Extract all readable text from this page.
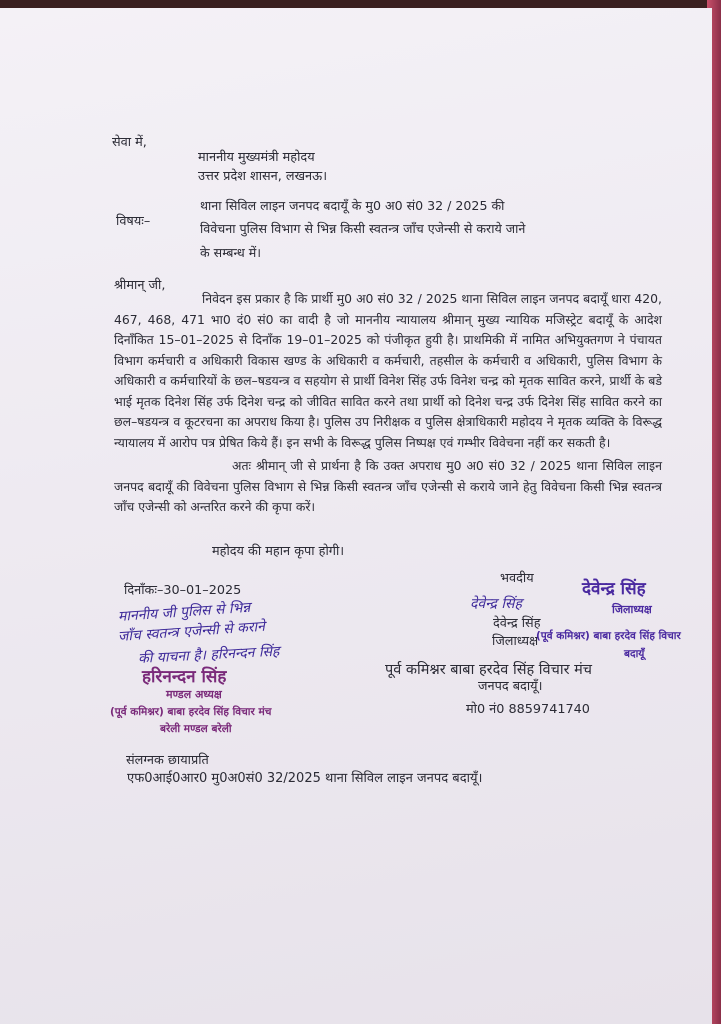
सेवा में,
माननीय मुख्यमंत्री महोदय
उत्तर प्रदेश शासन, लखनऊ।
विषयः–
थाना सिविल लाइन जनपद बदायूँ के मु0 अ0 सं0 32 / 2025 की
विवेचना पुलिस विभाग से भिन्न किसी स्वतन्त्र जाँच एजेन्सी से कराये जाने
के सम्बन्ध में।
श्रीमान् जी,
निवेदन इस प्रकार है कि प्रार्थी मु0 अ0 सं0 32 / 2025 थाना सिविल लाइन जनपद बदायूँ धारा 420, 467, 468, 471 भा0 दं0 सं0 का वादी है जो माननीय न्यायालय श्रीमान् मुख्य न्यायिक मजिस्ट्रेट बदायूँ के आदेश दिनाँकित 15–01–2025 से दिनाँक 19–01–2025 को पंजीकृत हुयी है। प्राथमिकी में नामित अभियुक्तगण ने पंचायत विभाग कर्मचारी व अधिकारी विकास खण्ड के अधिकारी व कर्मचारी, तहसील के कर्मचारी व अधिकारी, पुलिस विभाग के अधिकारी व कर्मचारियों के छल–षडयन्त्र व सहयोग से प्रार्थी विनेश सिंह उर्फ विनेश चन्द्र को मृतक सावित करने, प्रार्थी के बडे भाई मृतक दिनेश सिंह उर्फ दिनेश चन्द्र को जीवित सावित करने तथा प्रार्थी को दिनेश चन्द्र उर्फ दिनेश सिंह सावित करने का छल–षडयन्त्र व कूटरचना का अपराध किया है। पुलिस उप निरीक्षक व पुलिस क्षेत्राधिकारी महोदय ने मृतक व्यक्ति के विरूद्ध न्यायालय में आरोप पत्र प्रेषित किये हैं। इन सभी के विरूद्ध पुलिस निष्पक्ष एवं गम्भीर विवेचना नहीं कर सकती है।
अतः श्रीमान् जी से प्रार्थना है कि उक्त अपराध मु0 अ0 सं0 32 / 2025 थाना सिविल लाइन जनपद बदायूँ की विवेचना पुलिस विभाग से भिन्न किसी स्वतन्त्र जाँच एजेन्सी से कराये जाने हेतु विवेचना किसी भिन्न स्वतन्त्र जाँच एजेन्सी को अन्तरित करने की कृपा करें।
महोदय की महान कृपा होगी।
दिनाँकः–30–01–2025
भवदीय
देवेन्द्र सिंह
देवेन्द्र सिंह
जिलाध्यक्ष
देवेन्द्र सिंह
जिलाध्यक्ष
(पूर्व कमिश्नर) बाबा हरदेव सिंह विचार
बदायूँ
पूर्व कमिश्नर बाबा हरदेव सिंह विचार मंच
जनपद बदायूँ।
मो0 नं0 8859741740
माननीय जी पुलिस से भिन्न
जाँच स्वतन्त्र एजेन्सी से कराने
की याचना है। हरिनन्दन सिंह
हरिनन्दन सिंह
मण्डल अध्यक्ष
(पूर्व कमिश्नर) बाबा हरदेव सिंह विचार मंच
बरेली मण्डल बरेली
संलग्नक छायाप्रति
एफ0आई0आर0 मु0अ0सं0 32/2025 थाना सिविल लाइन जनपद बदायूँ।
